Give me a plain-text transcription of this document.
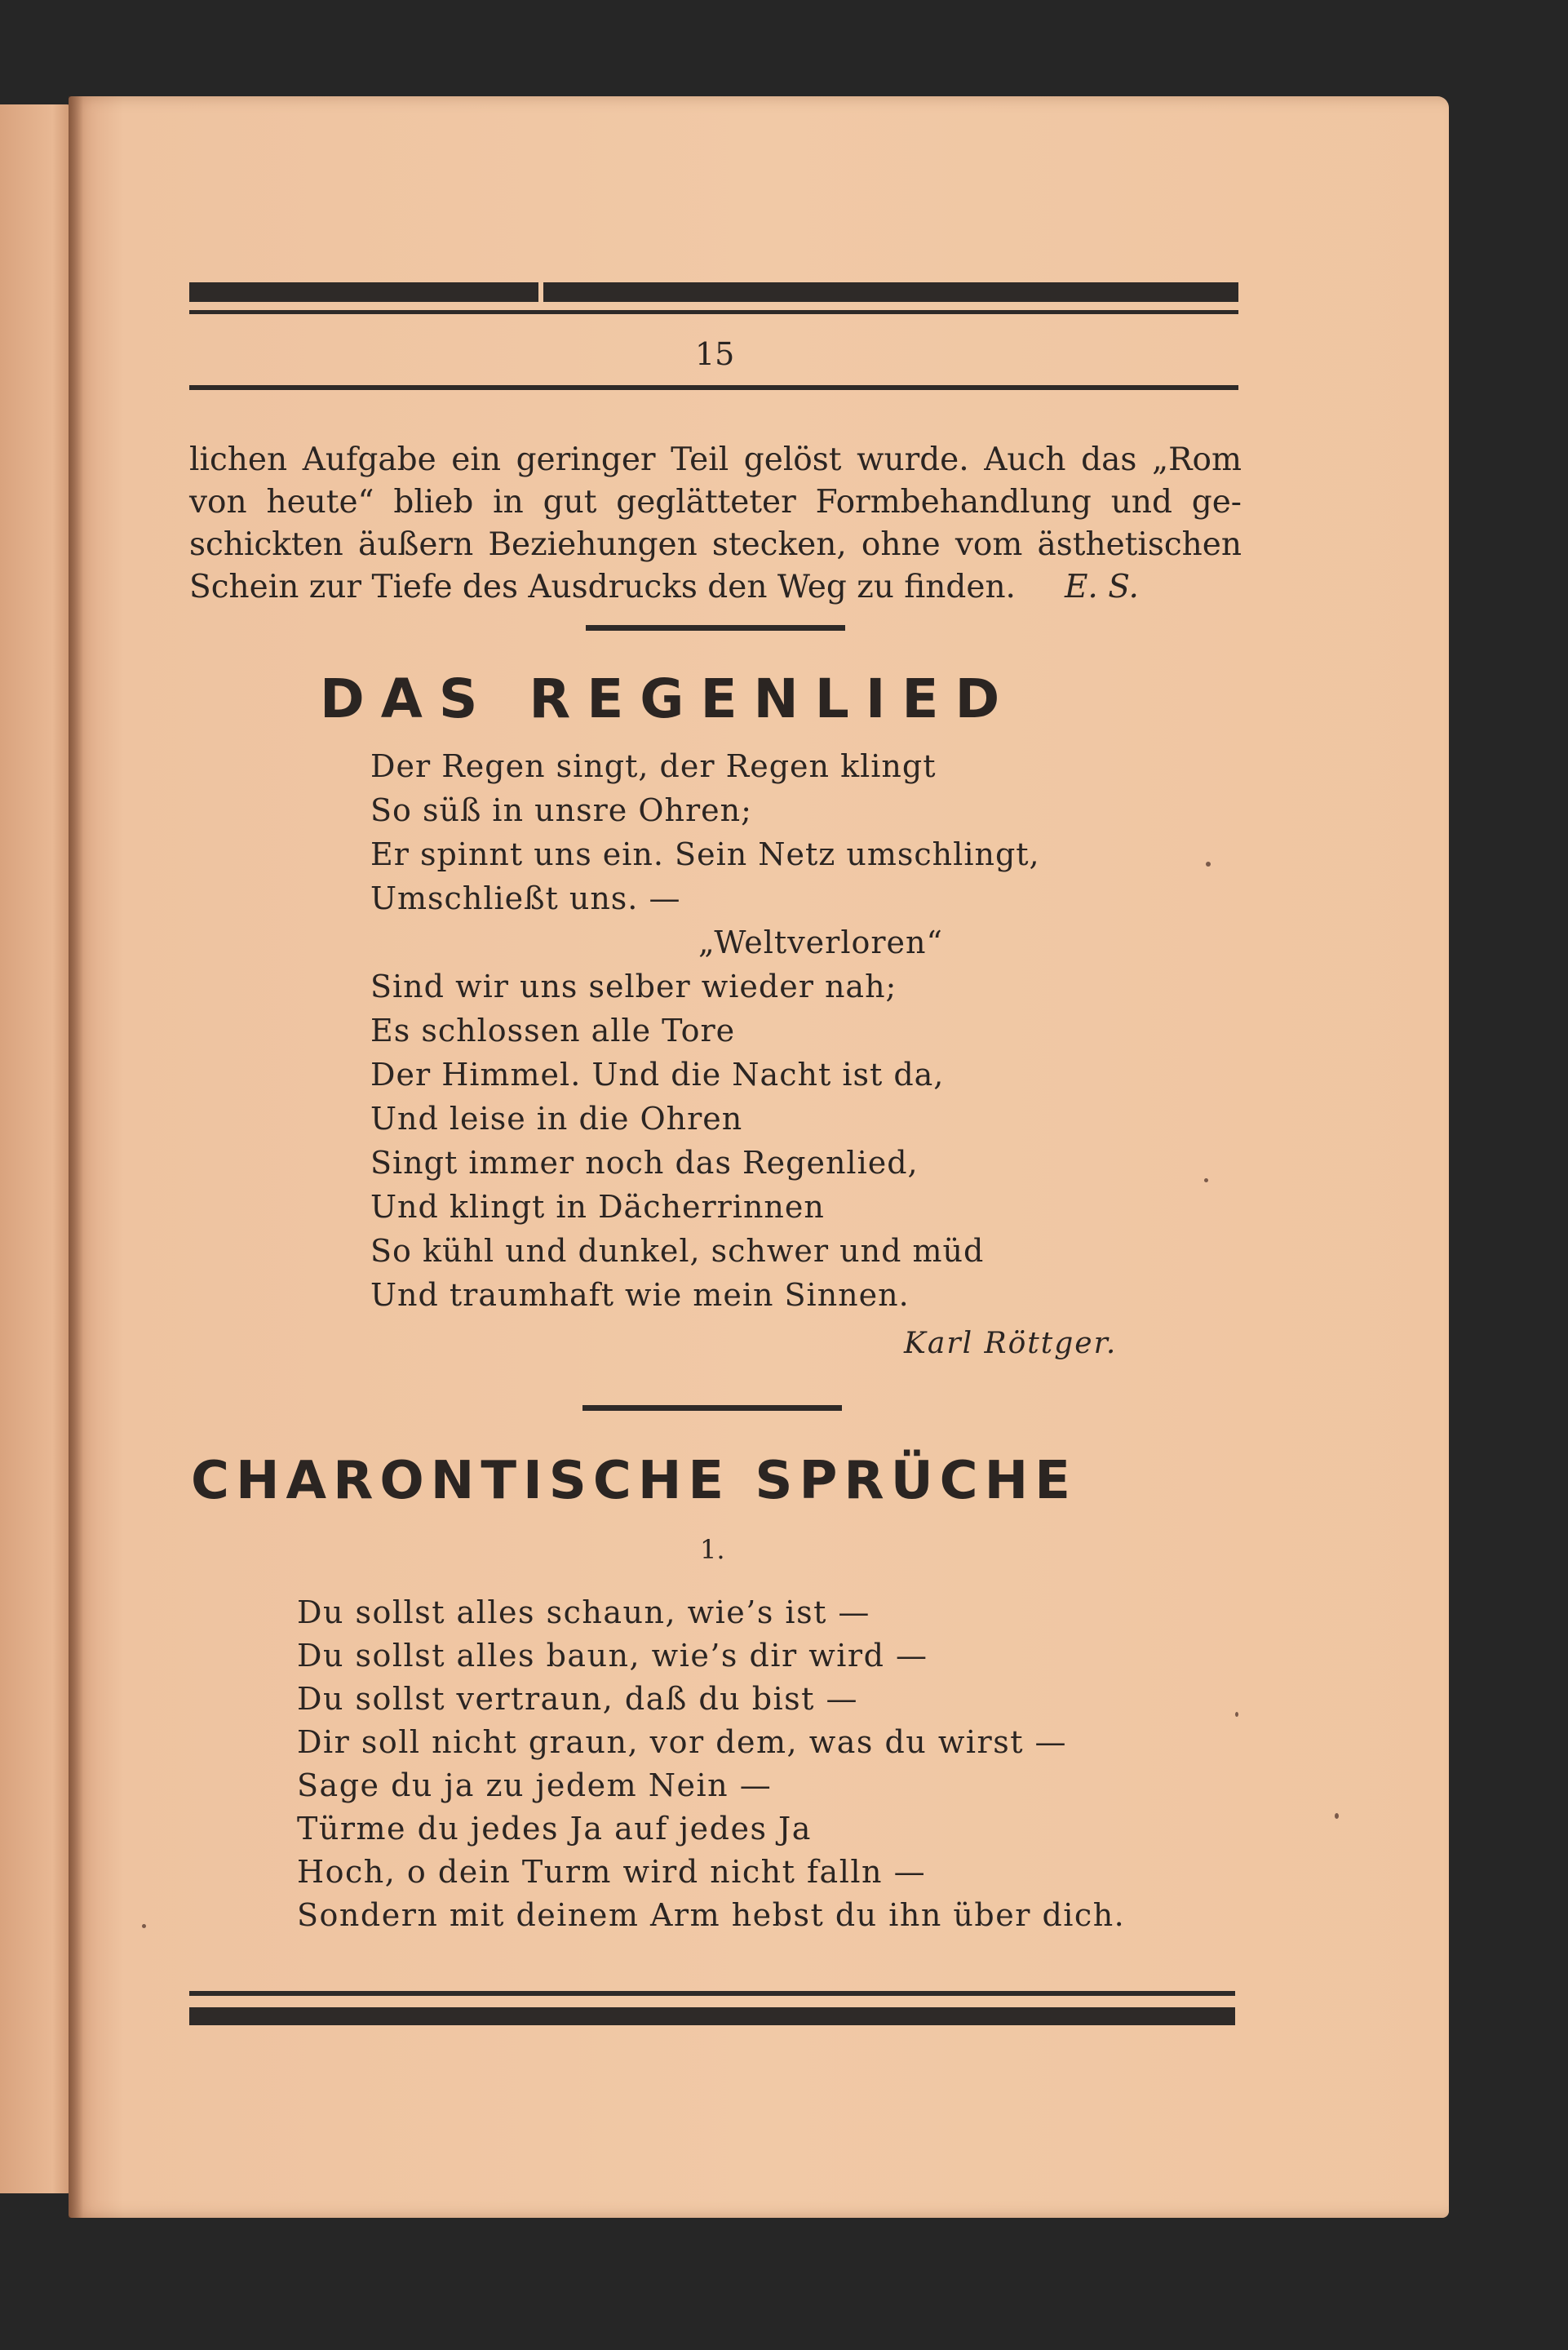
15
lichen Aufgabe ein geringer Teil gelöst wurde. Auch das „Rom
von heute“ blieb in gut geglätteter Formbehandlung und ge-
schickten äußern Beziehungen stecken, ohne vom ästhetischen
Schein zur Tiefe des Ausdrucks den Weg zu finden. E. S.
DAS REGENLIED
Der Regen singt, der Regen klingt
So süß in unsre Ohren;
Er spinnt uns ein. Sein Netz umschlingt,
Umschließt uns. —
„Weltverloren“
Sind wir uns selber wieder nah;
Es schlossen alle Tore
Der Himmel. Und die Nacht ist da,
Und leise in die Ohren
Singt immer noch das Regenlied,
Und klingt in Dächerrinnen
So kühl und dunkel, schwer und müd
Und traumhaft wie mein Sinnen.
Karl Röttger.
CHARONTISCHE SPRÜCHE
1.
Du sollst alles schaun, wie’s ist —
Du sollst alles baun, wie’s dir wird —
Du sollst vertraun, daß du bist —
Dir soll nicht graun, vor dem, was du wirst —
Sage du ja zu jedem Nein —
Türme du jedes Ja auf jedes Ja
Hoch, o dein Turm wird nicht falln —
Sondern mit deinem Arm hebst du ihn über dich.
